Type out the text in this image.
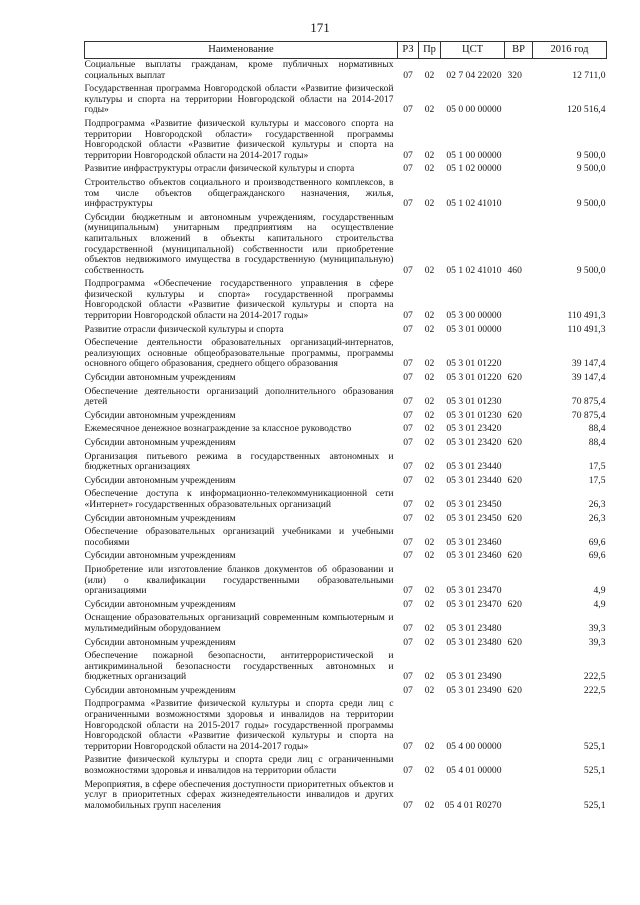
171
Наименование	РЗ	Пр	ЦСТ	ВР	2016 год
Социальные выплаты гражданам, кроме публичных нормативных социальных выплат	07	02	02 7 04 22020	320	12 711,0
Государственная программа Новгородской области «Развитие физической культуры и спорта на территории Новгородской области на 2014-2017 годы»	07	02	05 0 00 00000		120 516,4
Подпрограмма «Развитие физической культуры и массового спорта на территории Новгородской области» государственной программы Новгородской области «Развитие физической культуры и спорта на территории Новгородской области на 2014-2017 годы»	07	02	05 1 00 00000		9 500,0
Развитие инфраструктуры отрасли физической культуры и спорта	07	02	05 1 02 00000		9 500,0
Строительство объектов социального и производственного комплексов, в том числе объектов общегражданского назначения, жилья, инфраструктуры	07	02	05 1 02 41010		9 500,0
Субсидии бюджетным и автономным учреждениям, государственным (муниципальным) унитарным предприятиям на осуществление капитальных вложений в объекты капитального строительства государственной (муниципальной) собственности или приобретение объектов недвижимого имущества в государственную (муниципальную) собственность	07	02	05 1 02 41010	460	9 500,0
Подпрограмма «Обеспечение государственного управления в сфере физической культуры и спорта» государственной программы Новгородской области «Развитие физической культуры и спорта на территории Новгородской области на 2014-2017 годы»	07	02	05 3 00 00000		110 491,3
Развитие отрасли физической культуры и спорта	07	02	05 3 01 00000		110 491,3
Обеспечение деятельности образовательных организаций-интернатов, реализующих основные общеобразовательные программы, программы основного общего образования, среднего общего образования	07	02	05 3 01 01220		39 147,4
Субсидии автономным учреждениям	07	02	05 3 01 01220	620	39 147,4
Обеспечение деятельности организаций дополнительного образования детей	07	02	05 3 01 01230		70 875,4
Субсидии автономным учреждениям	07	02	05 3 01 01230	620	70 875,4
Ежемесячное денежное вознаграждение за классное руководство	07	02	05 3 01 23420		88,4
Субсидии автономным учреждениям	07	02	05 3 01 23420	620	88,4
Организация питьевого режима в государственных автономных и бюджетных организациях	07	02	05 3 01 23440		17,5
Субсидии автономным учреждениям	07	02	05 3 01 23440	620	17,5
Обеспечение доступа к информационно-телекоммуникационной сети «Интернет» государственных образовательных организаций	07	02	05 3 01 23450		26,3
Субсидии автономным учреждениям	07	02	05 3 01 23450	620	26,3
Обеспечение образовательных организаций учебниками и учебными пособиями	07	02	05 3 01 23460		69,6
Субсидии автономным учреждениям	07	02	05 3 01 23460	620	69,6
Приобретение или изготовление бланков документов об образовании и (или) о квалификации государственными образовательными организациями	07	02	05 3 01 23470		4,9
Субсидии автономным учреждениям	07	02	05 3 01 23470	620	4,9
Оснащение образовательных организаций современным компьютерным и мультимедийным оборудованием	07	02	05 3 01 23480		39,3
Субсидии автономным учреждениям	07	02	05 3 01 23480	620	39,3
Обеспечение пожарной безопасности, антитеррористической и антикриминальной безопасности государственных автономных и бюджетных организаций	07	02	05 3 01 23490		222,5
Субсидии автономным учреждениям	07	02	05 3 01 23490	620	222,5
Подпрограмма «Развитие физической культуры и спорта среди лиц с ограниченными возможностями здоровья и инвалидов на территории Новгородской области на 2015-2017 годы» государственной программы Новгородской области «Развитие физической культуры и спорта на территории Новгородской области на 2014-2017 годы»	07	02	05 4 00 00000		525,1
Развитие физической культуры и спорта среди лиц с ограниченными возможностями здоровья и инвалидов на территории области	07	02	05 4 01 00000		525,1
Мероприятия, в сфере обеспечения доступности приоритетных объектов и услуг в приоритетных сферах жизнедеятельности инвалидов и других маломобильных групп населения	07	02	05 4 01 R0270		525,1
